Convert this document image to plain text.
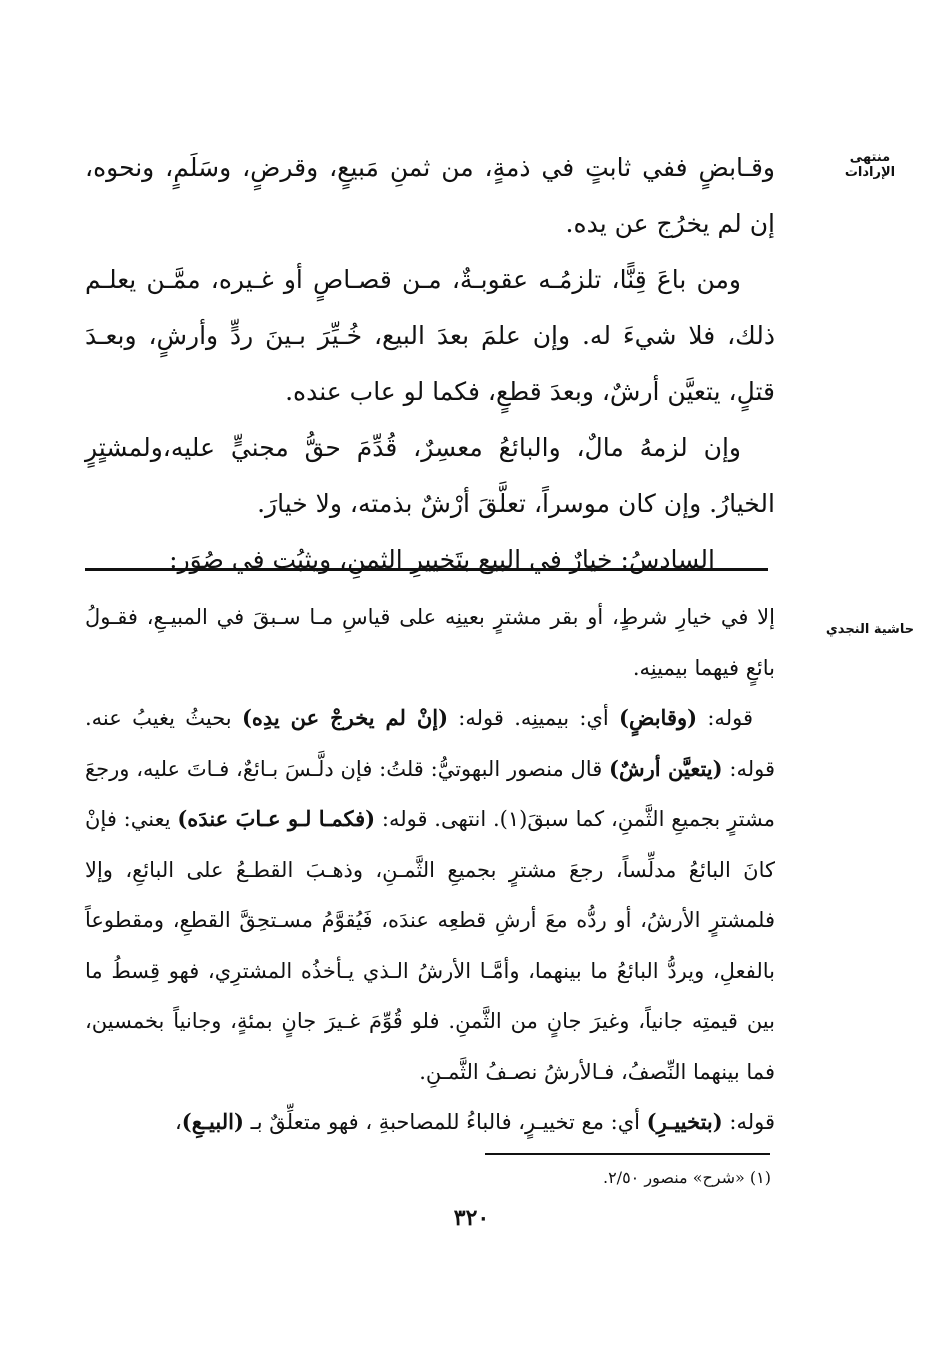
منتهى الإرادات
حاشية النجدي

وقـابضٍ ففي ثابتٍ في ذمةٍ، من ثمنِ مَبيعٍ، وقرضٍ، وسَلَمٍ، ونحوه، إن لم يخرُج عن يده.

ومن باعَ قِنًّا، تلزمُـه عقوبـةٌ، مـن قصـاصٍ أو غـيره، ممَّـن يعلـم ذلك، فلا شيءَ له. وإن علمَ بعدَ البيع، خُـيِّرَ بـينَ ردٍّ وأرشٍ، وبعـدَ قتلٍ، يتعيَّن أرشٌ، وبعدَ قطعٍ، فكما لو عاب عنده.

وإن لزمهُ مالٌ، والبائعُ معسِرٌ، قُدِّمَ حقُّ مجنيٍّ عليه،ولمشتٍرٍ الخيارُ. وإن كان موسراً، تعلَّقَ أرْشٌ بذمته، ولا خيارَ.

السادسُ: خيارٌ في البيع بتَخييرِ الثمنِ، ويثبُت في صُوَر:

إلا في خيارِ شرطٍ، أو بقر مشترٍ بعينِه على قياسِ مـا سـبقَ في المبيـعِ، فقـولُ بائعٍ فيهما بيمينِه.

قوله: (وقابضٍ) أي: بيمينِه. قوله: (إنْ لم يخرجْ عن يدِه) بحيثُ يغيبُ عنه. قوله: (يتعيَّن أرشٌ) قال منصور البهوتيُّ: قلتُ: فإن دلَّـسَ بـائعٌ، فـاتَ عليه، ورجعَ مشترٍ بجميعِ الثَّمنِ، كما سبقَ(١). انتهى. قوله: (فكمـا لـو عـابَ عندَه) يعني: فإنْ كانَ البائعُ مدلِّساً، رجعَ مشترٍ بجميعِ الثَّمـنِ، وذهـبَ القطـعُ على البائعِ، وإلا فلمشترٍ الأرشُ، أو ردُّه معَ أرشِ قطعِه عندَه، فَيُقوَّمُ مسـتحِقَّ القطعِ، ومقطوعاً بالفعلِ، ويردُّ البائعُ ما بينهما، وأمَّـا الأرشُ الـذي يـأخذُه المشترِي، فهو قِسطُ ما بين قيمتِه جانياً، وغيرَ جانٍ من الثَّمنِ. فلو قُوِّمَ غـيرَ جانٍ بمئةٍ، وجانياً بخمسين، فما بينهما النِّصفُ، فـالأرشُ نصـفُ الثَّمـنِ.

قوله: (بتخييـرِ) أي: مع تخييـرٍ، فالباءُ للمصاحبةِ ، فهو متعلِّقٌ بـ (البيـعِ)،

(١) «شرح» منصور ٢/٥٠.
٣٢٠
